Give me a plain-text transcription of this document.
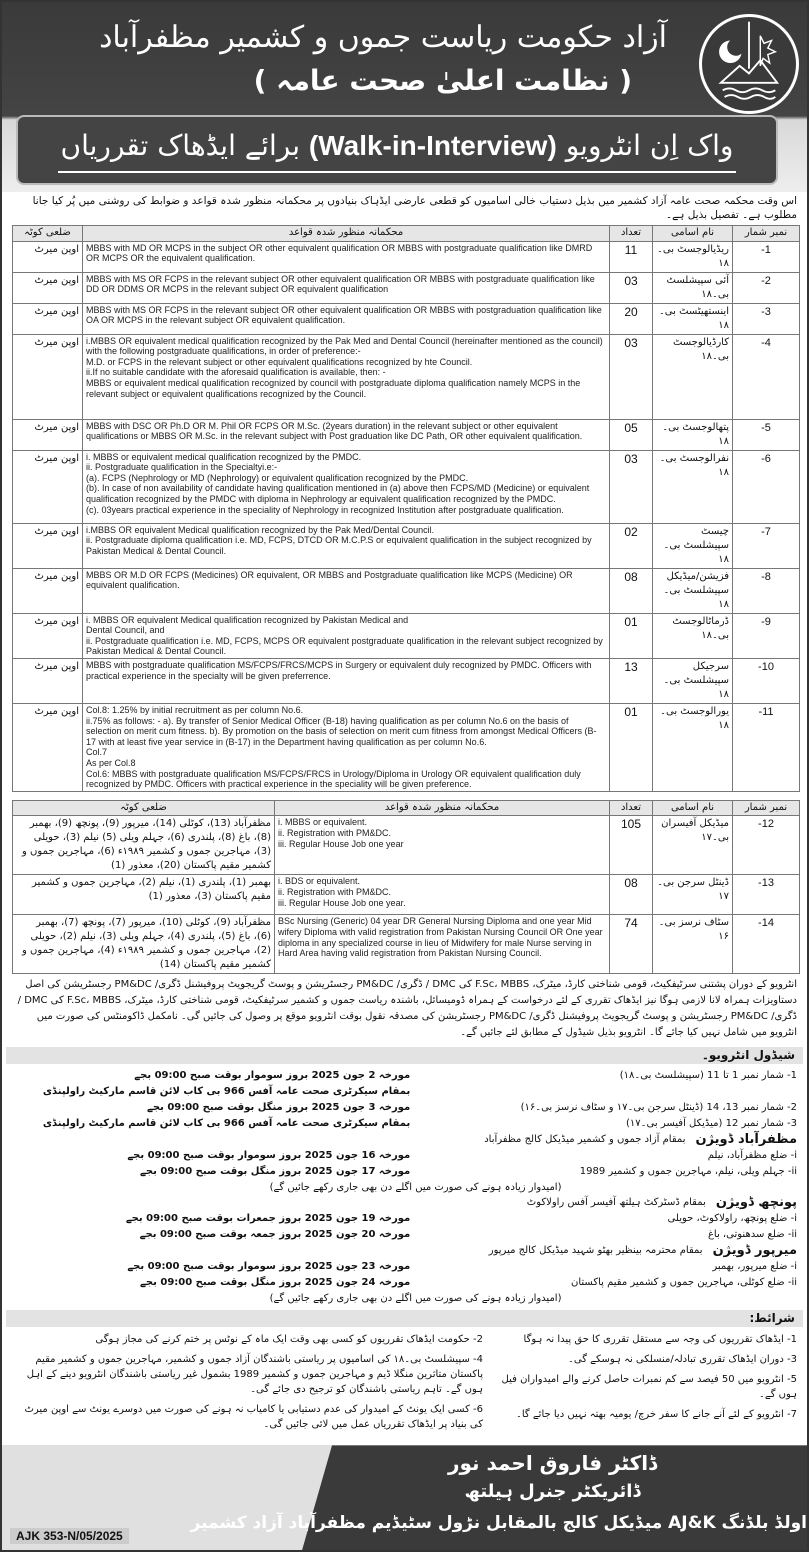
آزاد حکومت ریاست جموں و کشمیر مظفرآباد
( نظامت اعلیٰ صحت عامہ )
واک اِن انٹرویو (Walk-in-Interview) برائے ایڈھاک تقرریاں
اس وقت محکمہ صحت عامہ آزاد کشمیر میں بذیل دستیاب خالی اسامیوں کو قطعی عارضی ایڈہاک بنیادوں پر محکمانہ منظور شدہ قواعد و ضوابط کی روشنی میں پُر کیا جانا مطلوب ہے۔ تفصیل بذیل ہے۔
ضلعی کوٹہ	محکمانہ منظور شدہ قواعد	تعداد	نام اسامی	نمبر شمار
اوپن میرٹ	MBBS with MD OR MCPS in the subject OR other equivalent qualification OR MBBS with postgraduate qualification like DMRD OR MCPS OR the equivalent qualification.	11	ریڈیالوجسٹ بی۔۱۸	-1
اوپن میرٹ	MBBS with MS OR FCPS in the relevant subject OR other equivalent qualification OR MBBS with postgraduate qualification like DD OR DDMS OR MCPS in the relevant subject OR equivalent qualification	03	آئی سپیشلسٹ بی۔۱۸	-2
اوپن میرٹ	MBBS with MS OR FCPS in the relevant subject OR other equivalent qualification OR MBBS with postgraduation qualification like OA OR MCPS in the relevant subject OR equivalent qualification.	20	اینستھیٹسٹ بی۔۱۸	-3
اوپن میرٹ	i.MBBS OR equivalent medical qualification recognized by the Pak Med and Dental Council (hereinafter mentioned as the council) with the following postgraduate qualifications, in order of preference:-
M.D. or FCPS in the relevant subject or other equivalent qualifications recognized by hte Council.
ii.If no suitable candidate with the aforesaid qualification is available, then: -
MBBS or equivalent medical qualification recognized by council with postgraduate diploma qualification namely MCPS in the relevant subject or equivalent qualifications recognized by the Council.	03	کارڈیالوجسٹ بی۔۱۸	-4
اوپن میرٹ	MBBS with DSC OR Ph.D OR M. Phil OR FCPS OR M.Sc. (2years duration) in the relevant subject or other equivalent qualifications or MBBS OR M.Sc. in the relevant subject with Post graduation like DC Path, OR other equivalent qualification.	05	پتھالوجسٹ بی۔۱۸	-5
اوپن میرٹ	i. MBBS or equivalent medical qualification recognized by the PMDC.
ii. Postgraduate qualification in the Specialtyi.e:-
(a). FCPS (Nephrology or MD (Nephrology) or equivalent qualification recognized by the PMDC.
(b). In case of non availability of candidate having qualification mentioned in (a) above then FCPS/MD (Medicine) or equivalent qualification recognized by the PMDC with diploma in Nephrology ar equivalent qualification recognized by the PMDC.
(c). 03years practical experience in the speciality of Nephrology in recognized Institution after postgraduate qualification.	03	نفرالوجسٹ بی۔۱۸	-6
اوپن میرٹ	i.MBBS OR equivalent Medical qualification recognized by the Pak Med/Dental Council.
ii. Postgraduate diploma qualification i.e. MD, FCPS, DTCD OR M.C.P.S or equivalent qualification in the subject recognized by Pakistan Medical & Dental Council.	02	چیسٹ سپیشلسٹ بی۔۱۸	-7
اوپن میرٹ	MBBS OR M.D OR FCPS (Medicines) OR equivalent, OR MBBS and Postgraduate qualification like MCPS (Medicine) OR equivalent qualification.	08	فزیشن/میڈیکل سپیشلسٹ بی۔۱۸	-8
اوپن میرٹ	i. MBBS OR equivalent Medical qualification recognized by Pakistan Medical and
Dental Council, and
ii. Postgraduate qualification i.e. MD, FCPS, MCPS OR equivalent postgraduate qualification in the relevant subject recognized by Pakistan Medical & Dental Council.	01	ڈرماٹالوجسٹ بی۔۱۸	-9
اوپن میرٹ	MBBS with postgraduate qualification MS/FCPS/FRCS/MCPS in Surgery or equivalent duly recognized by PMDC. Officers with practical experience in the specialty will be given preferrence.	13	سرجیکل سپیشلسٹ بی۔۱۸	-10
اوپن میرٹ	Col.8: 1.25% by initial recruitment as per column No.6.
ii.75% as follows: - a). By transfer of Senior Medical Officer (B-18) having qualification as per column No.6 on the basis of selection on merit cum fitness. b). By promotion on the basis of selection on merit cum fitness from amongst Medical Officers (B-17 with at least five year service in (B-17) in the Department having qualification as per column No.6.
Col.7
As per Col.8
Col.6: MBBS with postgraduate qualification MS/FCPS/FRCS in Urology/Diploma in Urology OR equivalent qualification duly recognized by PMDC. Officers with practical experience in the speciality will be given preference.	01	یورالوجسٹ بی۔۱۸	-11
ضلعی کوٹہ	محکمانہ منظور شدہ قواعد	تعداد	نام اسامی	نمبر شمار
مظفرآباد (13)، کوٹلی (14)، میرپور (9)، پونچھ (9)، بھمبر (8)، باغ (8)، پلندری (6)، جہلم ویلی (5) نیلم (3)، حویلی (3)، مہاجرین جموں و کشمیر ۱۹۸۹ء (6)، مہاجرین جموں و کشمیر مقیم پاکستان (20)، معذور (1)	i. MBBS or equivalent.
ii. Registration with PM&DC.
iii. Regular House Job one year	105	میڈیکل آفیسران بی۔۱۷	-12
بھمبر (1)، پلندری (1)، نیلم (2)، مہاجرین جموں و کشمیر مقیم پاکستان (3)، معذور (1)	i. BDS or equivalent.
ii. Registration with PM&DC.
iii. Regular House Job one year.	08	ڈینٹل سرجن بی۔۱۷	-13
مظفرآباد (9)، کوٹلی (10)، میرپور (7)، پونچھ (7)، بھمبر (6)، باغ (5)، پلندری (4)، جہلم ویلی (3)، نیلم (2)، حویلی (2)، مہاجرین جموں و کشمیر ۱۹۸۹ء (4)، مہاجرین جموں و کشمیر مقیم پاکستان (14)	BSc Nursing (Generic) 04 year DR General Nursing Diploma and one year Mid wifery Diploma with valid registration from Pakistan Nursing Council OR One year diploma in any specialized course in lieu of Midwifery for male Nurse serving in Hard Area having valid registration from Pakistan Nursing Council.	74	سٹاف نرسز بی۔۱۶	-14
انٹرویو کے دوران پشتنی سرٹیفکیٹ، قومی شناختی کارڈ، میٹرک، F.Sc، MBBS کی DMC / ڈگری/ PM&DC رجسٹریشن و پوسٹ گریجویٹ پروفیشنل ڈگری/ PM&DC رجسٹریشن کی اصل دستاویزات ہمراہ لانا لازمی ہوگا نیز ایڈھاک تقرری کے لئے درخواست کے ہمراہ ڈومیسائل، باشندہ ریاست جموں و کشمیر سرٹیفکیٹ، قومی شناختی کارڈ، میٹرک، F.Sc، MBBS کی DMC / ڈگری/ PM&DC رجسٹریشن و پوسٹ گریجویٹ پروفیشنل ڈگری/ PM&DC رجسٹریشن کی مصدقہ نقول بوقت انٹرویو موقع پر وصول کی جائیں گی۔ نامکمل ڈاکومنٹس کی صورت میں انٹرویو میں شامل نہیں کیا جائے گا۔ انٹرویو بذیل شیڈول کے مطابق لئے جائیں گے۔
شیڈول انٹرویو۔
1- شمار نمبر 1 تا 11 (سپیشلسٹ بی۔۱۸)
مورخہ 2 جون 2025 بروز سوموار بوقت صبح 09:00 بجے
بمقام سیکرٹری صحت عامہ آفس 966 بی کاب لائن قاسم مارکیٹ راولپنڈی
2- شمار نمبر 13، 14 (ڈینٹل سرجن بی۔۱۷ و سٹاف نرسز بی۔۱۶)
مورخہ 3 جون 2025 بروز منگل بوقت صبح 09:00 بجے
3- شمار نمبر 12 (میڈیکل آفیسر بی۔۱۷)
بمقام سیکرٹری صحت عامہ آفس 966 بی کاب لائن قاسم مارکیٹ راولپنڈی
مظفرآباد ڈویژن
بمقام آزاد جموں و کشمیر میڈیکل کالج مظفرآباد
i- ضلع مظفرآباد، نیلم
مورخہ 16 جون 2025 بروز سوموار بوقت صبح 09:00 بجے
ii- جہلم ویلی، نیلم، مہاجرین جموں و کشمیر 1989
مورخہ 17 جون 2025 بروز منگل بوقت صبح 09:00 بجے
(امیدوار زیادہ ہونے کی صورت میں اگلے دن بھی جاری رکھے جائیں گے)
پونچھ ڈویژن
بمقام ڈسٹرکٹ ہیلتھ آفیسر آفس راولاکوٹ
i- ضلع پونچھ، راولاکوٹ، حویلی
مورخہ 19 جون 2025 بروز جمعرات بوقت صبح 09:00 بجے
ii- ضلع سدھنوتی، باغ
مورخہ 20 جون 2025 بروز جمعہ بوقت صبح 09:00 بجے
میرپور ڈویژن
بمقام محترمہ بینظیر بھٹو شہید میڈیکل کالج میرپور
i- ضلع میرپور، بھمبر
مورخہ 23 جون 2025 بروز سوموار بوقت صبح 09:00 بجے
ii- ضلع کوٹلی، مہاجرین جموں و کشمیر مقیم پاکستان
مورخہ 24 جون 2025 بروز منگل بوقت صبح 09:00 بجے
(امیدوار زیادہ ہونے کی صورت میں اگلے دن بھی جاری رکھے جائیں گے)
شرائط:
1- ایڈھاک تقرریوں کی وجہ سے مستقل تقرری کا حق پیدا نہ ہوگا
3- دوران ایڈھاک تقرری تبادلہ/منسلکی نہ ہوسکے گی۔
5- انٹرویو میں 50 فیصد سے کم نمبرات حاصل کرنے والے امیدواران فیل ہوں گے۔
7- انٹرویو کے لئے آنے جانے کا سفر خرچ/ یومیہ بھتہ نہیں دیا جائے گا۔
2- حکومت ایڈھاک تقرریوں کو کسی بھی وقت ایک ماہ کے نوٹس پر ختم کرنے کی مجاز ہوگی
4- سپیشلسٹ بی۔۱۸ کی اسامیوں پر ریاستی باشندگان آزاد جموں و کشمیر، مہاجرین جموں و کشمیر مقیم پاکستان متاثرین منگلا ڈیم و مہاجرین جموں و کشمیر 1989 بشمول غیر ریاستی باشندگان انٹرویو دینے کے اہل ہوں گے۔ تاہم ریاستی باشندگان کو ترجیح دی جائے گی۔
6- کسی ایک یونٹ کے امیدوار کی عدم دستیابی یا کامیاب نہ ہونے کی صورت میں دوسرے یونٹ سے اوپن میرٹ کی بنیاد پر ایڈھاک تقرریاں عمل میں لائی جائیں گی۔
ڈاکٹر فاروق احمد نور
ڈائریکٹر جنرل ہیلتھ
اولڈ بلڈنگ AJ&K میڈیکل کالج بالمقابل نڑول سٹیڈیم مظفرآباد آزاد کشمیر
AJK 353-N/05/2025
